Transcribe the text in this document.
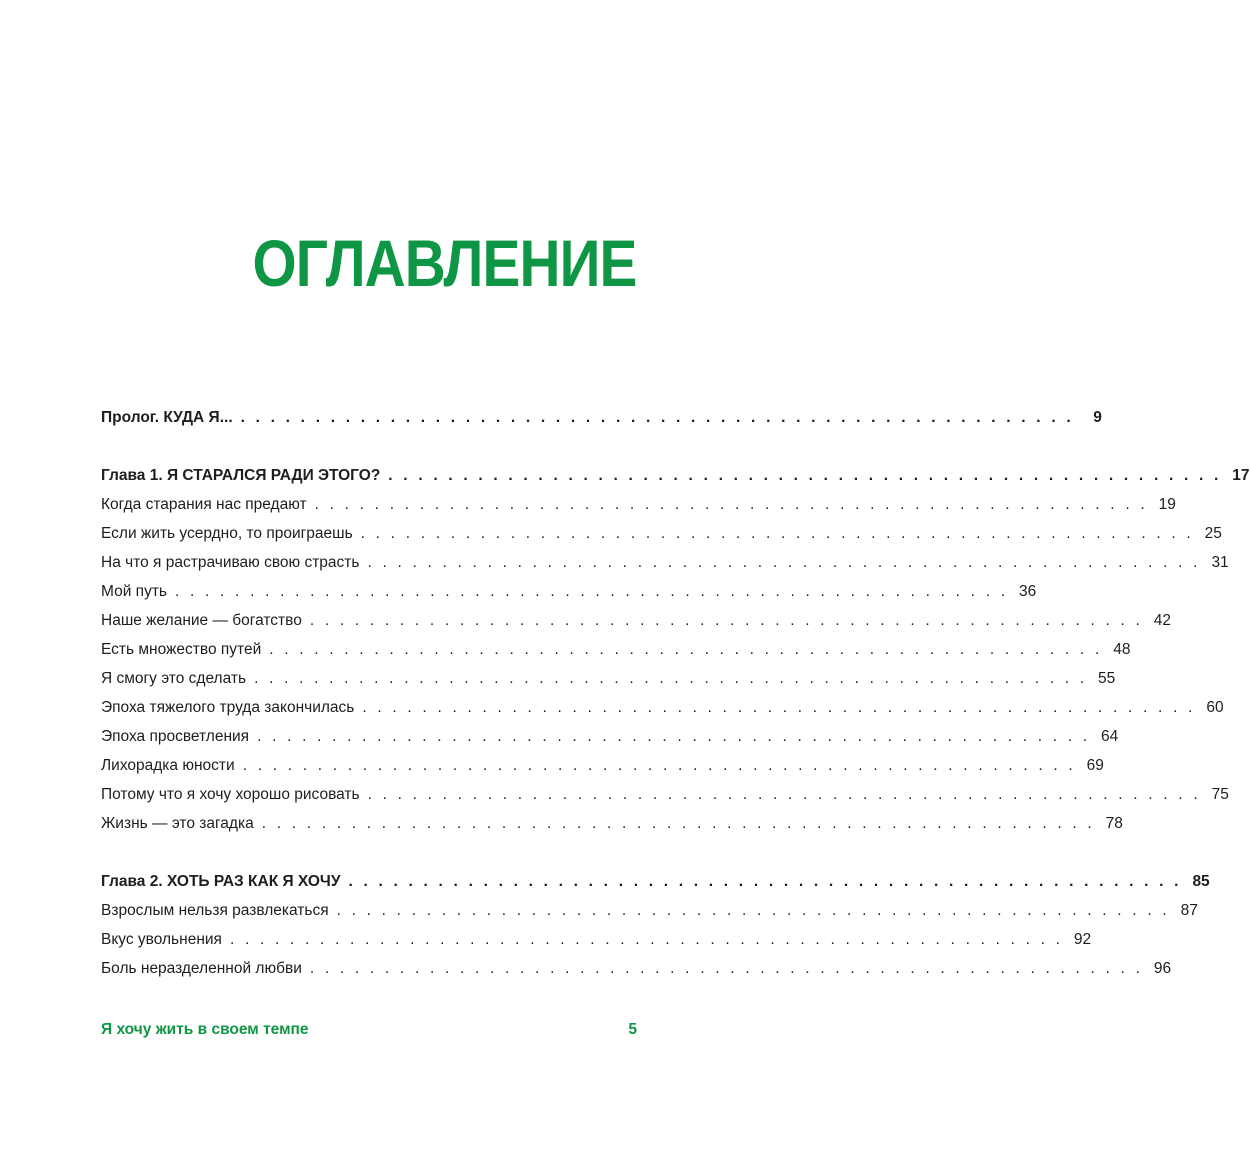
ОГЛАВЛЕНИЕ
Пролог. КУДА Я... . . . . . . . . . . . . . . . . . . . . . . . . . . . . . . . . . . . . . . . . . . . . . . . . . . . . . . . .	9
Глава 1. Я СТАРАЛСЯ РАДИ ЭТОГО? . . . . . . . . . . . . . . . . . . . . . . . . . . . . . . . . . . . . . . . . . . . . . . . . . . . . . . . . 17
Когда старания нас предают . . . . . . . . . . . . . . . . . . . . . . . . . . . . . . . . . . . . . . . . . . . . . . . . . . . . . . . . 19
Если жить усердно, то проиграешь . . . . . . . . . . . . . . . . . . . . . . . . . . . . . . . . . . . . . . . . . . . . . . . . . . . . . . . . 25
На что я растрачиваю свою страсть . . . . . . . . . . . . . . . . . . . . . . . . . . . . . . . . . . . . . . . . . . . . . . . . . . . . . . . . 31
Мой путь . . . . . . . . . . . . . . . . . . . . . . . . . . . . . . . . . . . . . . . . . . . . . . . . . . . . . . . . 36
Наше желание — богатство . . . . . . . . . . . . . . . . . . . . . . . . . . . . . . . . . . . . . . . . . . . . . . . . . . . . . . . . 42
Есть множество путей . . . . . . . . . . . . . . . . . . . . . . . . . . . . . . . . . . . . . . . . . . . . . . . . . . . . . . . . 48
Я смогу это сделать . . . . . . . . . . . . . . . . . . . . . . . . . . . . . . . . . . . . . . . . . . . . . . . . . . . . . . . . 55
Эпоха тяжелого труда закончилась . . . . . . . . . . . . . . . . . . . . . . . . . . . . . . . . . . . . . . . . . . . . . . . . . . . . . . . . 60
Эпоха просветления . . . . . . . . . . . . . . . . . . . . . . . . . . . . . . . . . . . . . . . . . . . . . . . . . . . . . . . . 64
Лихорадка юности . . . . . . . . . . . . . . . . . . . . . . . . . . . . . . . . . . . . . . . . . . . . . . . . . . . . . . . . 69
Потому что я хочу хорошо рисовать . . . . . . . . . . . . . . . . . . . . . . . . . . . . . . . . . . . . . . . . . . . . . . . . . . . . . . . . 75
Жизнь — это загадка . . . . . . . . . . . . . . . . . . . . . . . . . . . . . . . . . . . . . . . . . . . . . . . . . . . . . . . . 78
Глава 2. ХОТЬ РАЗ КАК Я ХОЧУ . . . . . . . . . . . . . . . . . . . . . . . . . . . . . . . . . . . . . . . . . . . . . . . . . . . . . . . . 85
Взрослым нельзя развлекаться . . . . . . . . . . . . . . . . . . . . . . . . . . . . . . . . . . . . . . . . . . . . . . . . . . . . . . . . 87
Вкус увольнения . . . . . . . . . . . . . . . . . . . . . . . . . . . . . . . . . . . . . . . . . . . . . . . . . . . . . . . . 92
Боль неразделенной любви . . . . . . . . . . . . . . . . . . . . . . . . . . . . . . . . . . . . . . . . . . . . . . . . . . . . . . . . 96
Я хочу жить в своем темпе	5
